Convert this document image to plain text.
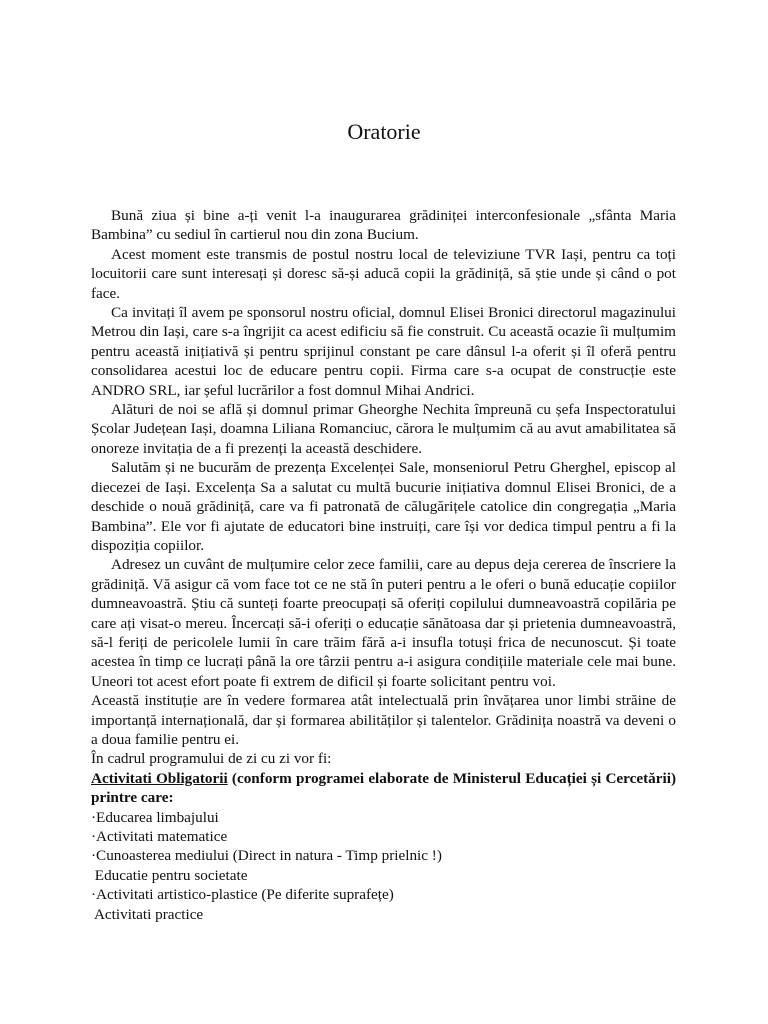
Oratorie

Bună ziua și bine a-ți venit l-a inaugurarea grădiniței interconfesionale „sfânta Maria Bambina” cu sediul în cartierul nou din zona Bucium.

Acest moment este transmis de postul nostru local de televiziune TVR Iași, pentru ca toți locuitorii care sunt interesați și doresc să-și aducă copii la grădiniță, să știe unde și când o pot face.

Ca invitați îl avem pe sponsorul nostru oficial, domnul Elisei Bronici directorul magazinului Metrou din Iași, care s-a îngrijit ca acest edificiu să fie construit. Cu această ocazie îi mulțumim pentru această inițiativă și pentru sprijinul constant pe care dânsul l-a oferit și îl oferă pentru consolidarea acestui loc de educare pentru copii. Firma care s-a ocupat de construcție este ANDRO SRL, iar șeful lucrărilor a fost domnul Mihai Andrici.

Alături de noi se află și domnul primar Gheorghe Nechita împreună cu șefa Inspectoratului Școlar Județean Iași, doamna Liliana Romanciuc, cărora le mulțumim că au avut amabilitatea să onoreze invitația de a fi prezenți la această deschidere.

Salutăm și ne bucurăm de prezența Excelenței Sale, monseniorul Petru Gherghel, episcop al diecezei de Iași. Excelența Sa a salutat cu multă bucurie inițiativa domnul Elisei Bronici, de a deschide o nouă grădiniță, care va fi patronată de călugărițele catolice din congregația „Maria Bambina”. Ele vor fi ajutate de educatori bine instruiți, care își vor dedica timpul pentru a fi la dispoziția copiilor.

Adresez un cuvânt de mulțumire celor zece familii, care au depus deja cererea de înscriere la grădiniță. Vă asigur că vom face tot ce ne stă în puteri pentru a le oferi o bună educație copiilor dumneavoastră. Știu că sunteți foarte preocupați să oferiți copilului dumneavoastră copilăria pe care ați visat-o mereu. Încercați să-i oferiți o educație sănătoasa dar și prietenia dumneavoastră, să-l feriți de pericolele lumii în care trăim fără a-i insufla totuși frica de necunoscut. Și toate acestea în timp ce lucrați până la ore târzii pentru a-i asigura condițiile materiale cele mai bune. Uneori tot acest efort poate fi extrem de dificil și foarte solicitant pentru voi.

Această instituție are în vedere formarea atât intelectuală prin învățarea unor limbi străine de importanță internațională, dar și formarea abilităților și talentelor. Grădinița noastră va deveni o a doua familie pentru ei.

În cadrul programului de zi cu zi vor fi:

Activitati Obligatorii (conform programei elaborate de Ministerul Educației și Cercetării) printre care:

·Educarea limbajului
·Activitati matematice
·Cunoasterea mediului (Direct in natura - Timp prielnic !)
Educatie pentru societate
·Activitati artistico-plastice (Pe diferite suprafețe)
Activitati practice
